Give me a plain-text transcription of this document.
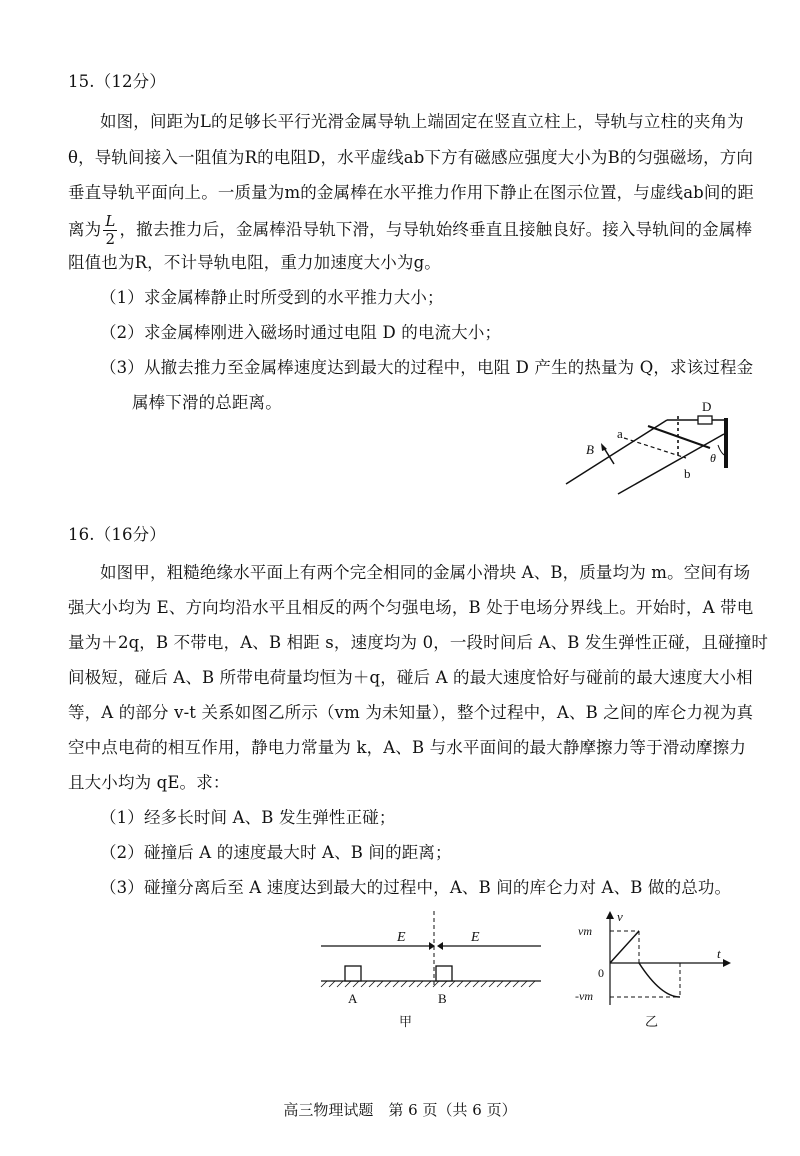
15.（12分）
如图，间距为L的足够长平行光滑金属导轨上端固定在竖直立柱上，导轨与立柱的夹角为
θ，导轨间接入一阻值为R的电阻D，水平虚线ab下方有磁感应强度大小为B的匀强磁场，方向
垂直导轨平面向上。一质量为m的金属棒在水平推力作用下静止在图示位置，与虚线ab间的距
离为 $\frac{L}{2}$ ，撤去推力后，金属棒沿导轨下滑，与导轨始终垂直且接触良好。接入导轨间的金属棒
阻值也为R，不计导轨电阻，重力加速度大小为g。
（1）求金属棒静止时所受到的水平推力大小；
（2）求金属棒刚进入磁场时通过电阻 D 的电流大小；
（3）从撤去推力至金属棒速度达到最大的过程中，电阻 D 产生的热量为 Q，求该过程金
属棒下滑的总距离。	D
a
b
B
θ
16.（16分）
如图甲，粗糙绝缘水平面上有两个完全相同的金属小滑块 A、B，质量均为 m。空间有场
强大小均为 E、方向均沿水平且相反的两个匀强电场，B 处于电场分界线上。开始时，A 带电
量为＋2q，B 不带电，A、B 相距 s，速度均为 0，一段时间后 A、B 发生弹性正碰，且碰撞时
间极短，碰后 A、B 所带电荷量均恒为＋q，碰后 A 的最大速度恰好与碰前的最大速度大小相
等，A 的部分 v-t 关系如图乙所示（vm 为未知量），整个过程中，A、B 之间的库仑力视为真
空中点电荷的相互作用，静电力常量为 k，A、B 与水平面间的最大静摩擦力等于滑动摩擦力
且大小均为 qE。求：
（1）经多长时间 A、B 发生弹性正碰；
（2）碰撞后 A 的速度最大时 A、B 间的距离；
（3）碰撞分离后至 A 速度达到最大的过程中，A、B 间的库仑力对 A、B 做的总功。
E	E
A	B
甲
v
t
0
vm
-vm
乙
高三物理试题　第 6 页（共 6 页）
